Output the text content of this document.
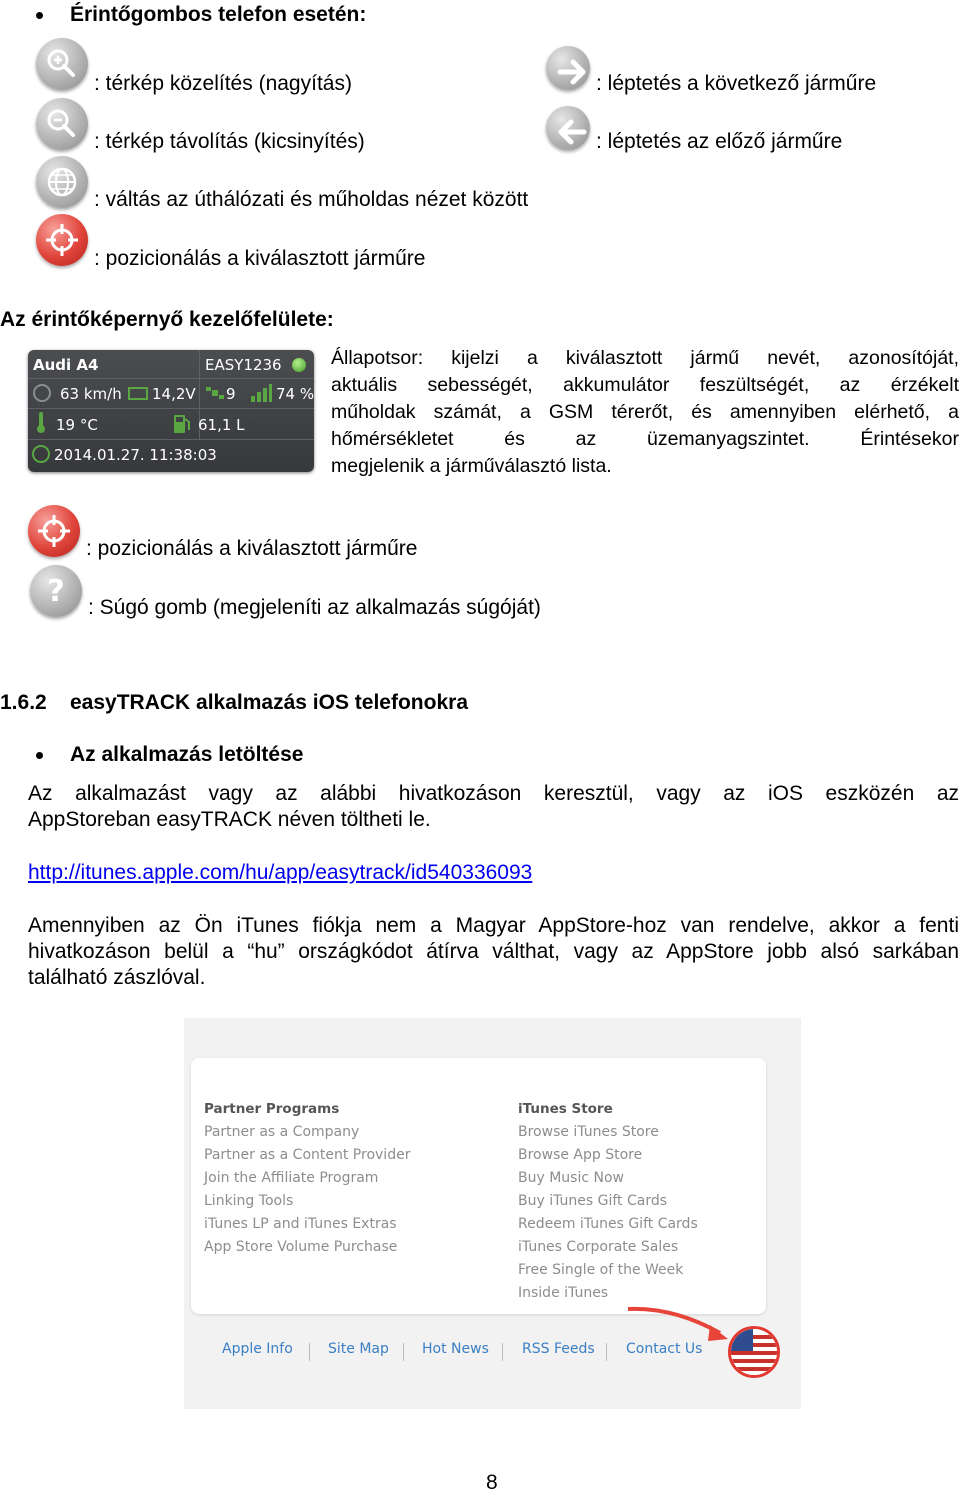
Érintőgombos telefon esetén:
: térkép közelítés (nagyítás)
: térkép távolítás (kicsinyítés)
: váltás az úthálózati és műholdas nézet között
: pozicionálás a kiválasztott járműre
: léptetés a következő járműre
: léptetés az előző járműre
Az érintőképernyő kezelőfelülete:
Audi A4	EASY1236
63 km/h 14,2V 9	74 %
19 °C	61,1 L
2014.01.27. 11:38:03
Állapotsor: kijelzi a kiválasztott jármű nevét, azonosítóját,
aktuális sebességét, akkumulátor feszültségét, az érzékelt
műholdak számát, a GSM térerőt, és amennyiben elérhető, a
hőmérsékletet és az üzemanyagszintet. Érintésekor
megjelenik a járműválasztó lista.
: pozicionálás a kiválasztott járműre
? : Súgó gomb (megjeleníti az alkalmazás súgóját)
1.6.2 easyTRACK alkalmazás iOS telefonokra
Az alkalmazás letöltése
Az alkalmazást vagy az alábbi hivatkozáson keresztül, vagy az iOS eszközén az
AppStoreban easyTRACK néven töltheti le.
http://itunes.apple.com/hu/app/easytrack/id540336093
Amennyiben az Ön iTunes fiókja nem a Magyar AppStore-hoz van rendelve, akkor a fenti
hivatkozáson belül a “hu” országkódot átírva válthat, vagy az AppStore jobb alsó sarkában
található zászlóval.
Partner Programs
Partner as a Company
Partner as a Content Provider
Join the Affiliate Program
Linking Tools
iTunes LP and iTunes Extras
App Store Volume Purchase
iTunes Store
Browse iTunes Store
Browse App Store
Buy Music Now
Buy iTunes Gift Cards
Redeem iTunes Gift Cards
iTunes Corporate Sales
Free Single of the Week
Inside iTunes
Apple Info	Site Map Hot News RSS Feeds Contact Us
8
